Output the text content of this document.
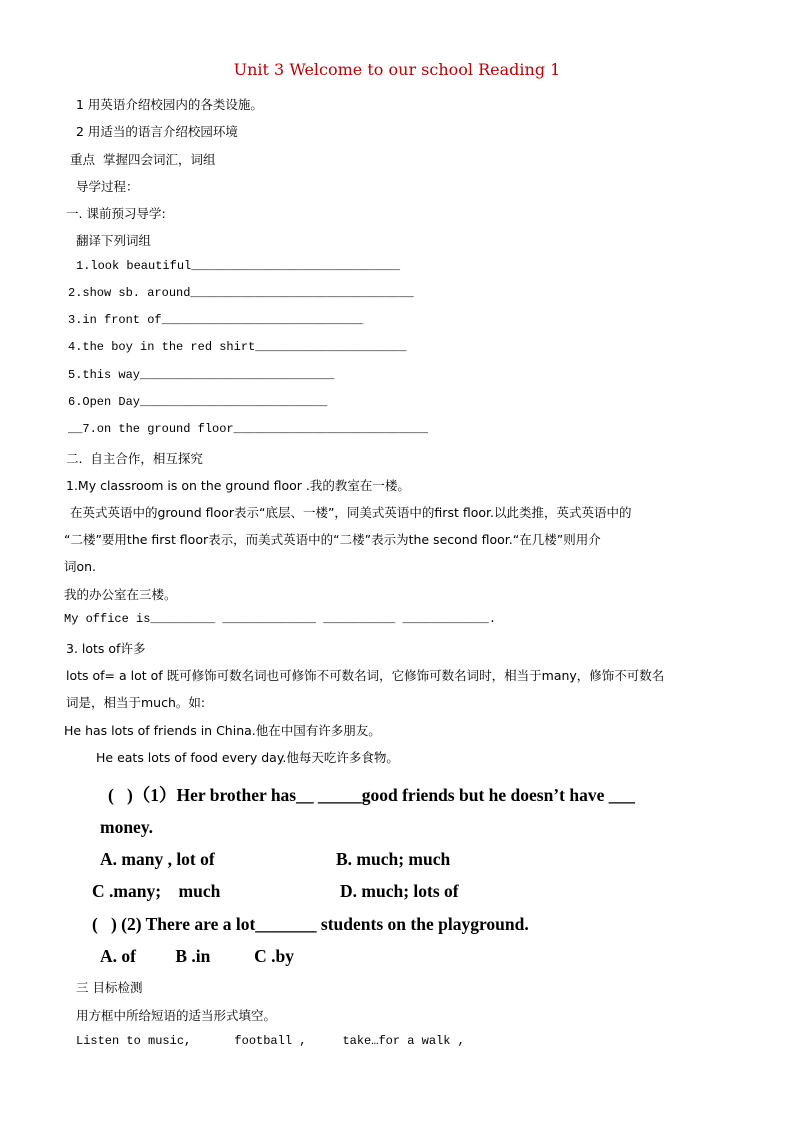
Unit 3 Welcome to our school Reading 1
1 用英语介绍校园内的各类设施。
2 用适当的语言介绍校园环境
重点  掌握四会词汇，词组
导学过程：
一. 课前预习导学:
翻译下列词组
1.look beautiful_____________________________
2.show sb. around_______________________________
3.in front of____________________________
4.the boy in the red shirt_____________________
5.this way___________________________
6.Open Day__________________________
__7.on the ground floor___________________________
二.  自主合作，相互探究
1.My classroom is on the ground floor .我的教室在一楼。
在英式英语中的ground floor表示“底层、一楼”，同美式英语中的first floor.以此类推，英式英语中的
“二楼”要用the first floor表示，而美式英语中的“二楼”表示为the second floor.“在几楼”则用介
词on.
我的办公室在三楼。
My office is_________ _____________ __________ ____________.
3. lots of许多
lots of= a lot of 既可修饰可数名词也可修饰不可数名词，它修饰可数名词时，相当于many，修饰不可数名
词是，相当于much。如:
He has lots of friends in China.他在中国有许多朋友。
He eats lots of food every day.他每天吃许多食物。
(   )（1）Her brother has__ _____good friends but he doesn’t have ___
money.
A. many , lot of	B. much; much
C .many;    much	D. much; lots of
(   ) (2) There are a lot_______ students on the playground.
A. of         B .in          C .by
三 目标检测
用方框中所给短语的适当形式填空。
Listen to music,      football ,     take…for a walk ,
